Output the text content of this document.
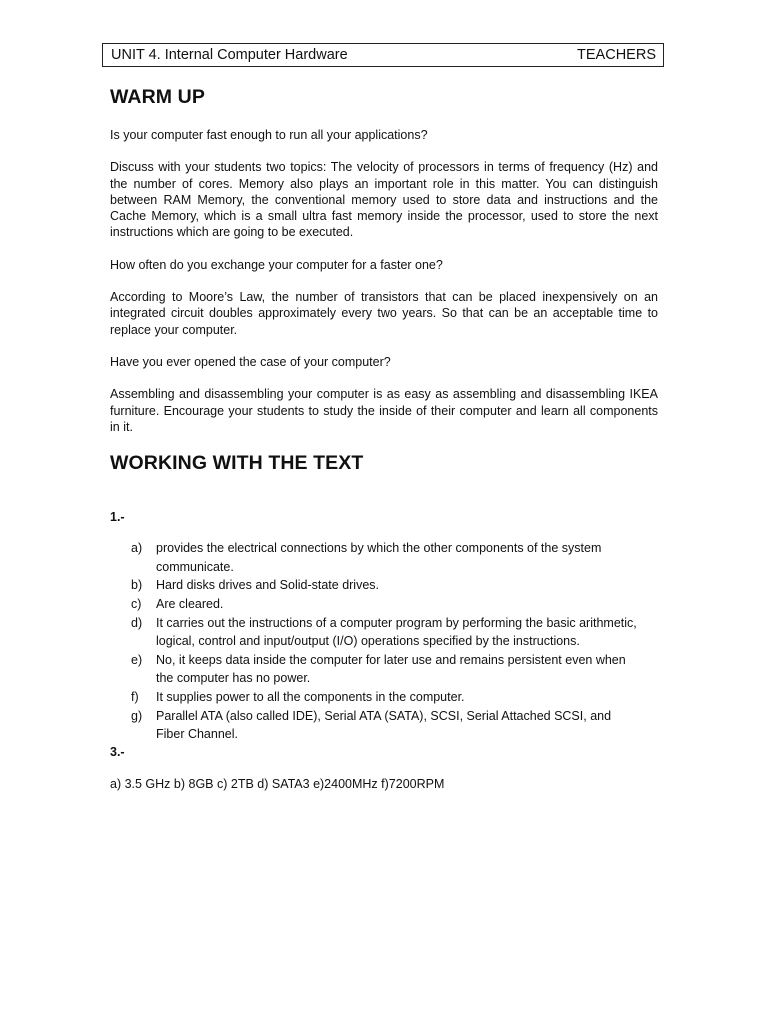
UNIT 4. Internal Computer Hardware	TEACHERS
WARM UP

Is your computer fast enough to run all your applications?

Discuss with your students two topics: The velocity of processors in terms of frequency (Hz) and the number of cores. Memory also plays an important role in this matter. You can distinguish between RAM Memory, the conventional memory used to store data and instructions and the Cache Memory, which is a small ultra fast memory inside the processor, used to store the next instructions which are going to be executed.

How often do you exchange your computer for a faster one?

According to Moore’s Law, the number of transistors that can be placed inexpensively on an integrated circuit doubles approximately every two years. So that can be an acceptable time to replace your computer.

Have you ever opened the case of your computer?

Assembling and disassembling your computer is as easy as assembling and disassembling IKEA furniture. Encourage your students to study the inside of their computer and learn all components in it.

WORKING WITH THE TEXT

1.-

a)	provides the electrical connections by which the other components of the system communicate.
b)	Hard disks drives and Solid-state drives.
c)	Are cleared.
d)	It carries out the instructions of a computer program by performing the basic arithmetic, logical, control and input/output (I/O) operations specified by the instructions.
e)	No, it keeps data inside the computer for later use and remains persistent even when the computer has no power.
f)	It supplies power to all the components in the computer.
g)	Parallel ATA (also called IDE), Serial ATA (SATA), SCSI, Serial Attached SCSI, and Fiber Channel.

3.-

a) 3.5 GHz b) 8GB c) 2TB d) SATA3 e)2400MHz f)7200RPM
